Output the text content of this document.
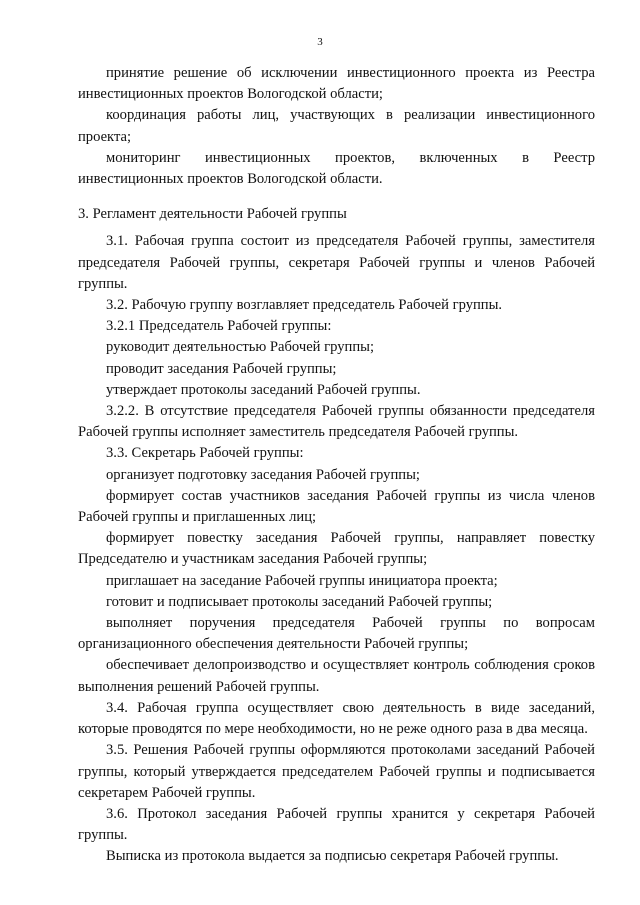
3

принятие решение об исключении инвестиционного проекта из Реестра инвестиционных проектов Вологодской области;

координация работы лиц, участвующих в реализации инвестиционного проекта;

мониторинг инвестиционных проектов, включенных в Реестр инвестиционных проектов Вологодской области.

3. Регламент деятельности Рабочей группы

3.1. Рабочая группа состоит из председателя Рабочей группы, заместителя председателя Рабочей группы, секретаря Рабочей группы и членов Рабочей группы.

3.2. Рабочую группу возглавляет председатель Рабочей группы.

3.2.1 Председатель Рабочей группы:

руководит деятельностью Рабочей группы;

проводит заседания Рабочей группы;

утверждает протоколы заседаний Рабочей группы.

3.2.2. В отсутствие председателя Рабочей группы обязанности председателя Рабочей группы исполняет заместитель председателя Рабочей группы.

3.3. Секретарь Рабочей группы:

организует подготовку заседания Рабочей группы;

формирует состав участников заседания Рабочей группы из числа членов Рабочей группы и приглашенных лиц;

формирует повестку заседания Рабочей группы, направляет повестку Председателю и участникам заседания Рабочей группы;

приглашает на заседание Рабочей группы инициатора проекта;

готовит и подписывает протоколы заседаний Рабочей группы;

выполняет поручения председателя Рабочей группы по вопросам организационного обеспечения деятельности Рабочей группы;

обеспечивает делопроизводство и осуществляет контроль соблюдения сроков выполнения решений Рабочей группы.

3.4. Рабочая группа осуществляет свою деятельность в виде заседаний, которые проводятся по мере необходимости, но не реже одного раза в два месяца.

3.5. Решения Рабочей группы оформляются протоколами заседаний Рабочей группы, который утверждается председателем Рабочей группы и подписывается секретарем Рабочей группы.

3.6. Протокол заседания Рабочей группы хранится у секретаря Рабочей группы.

Выписка из протокола выдается за подписью секретаря Рабочей группы.
